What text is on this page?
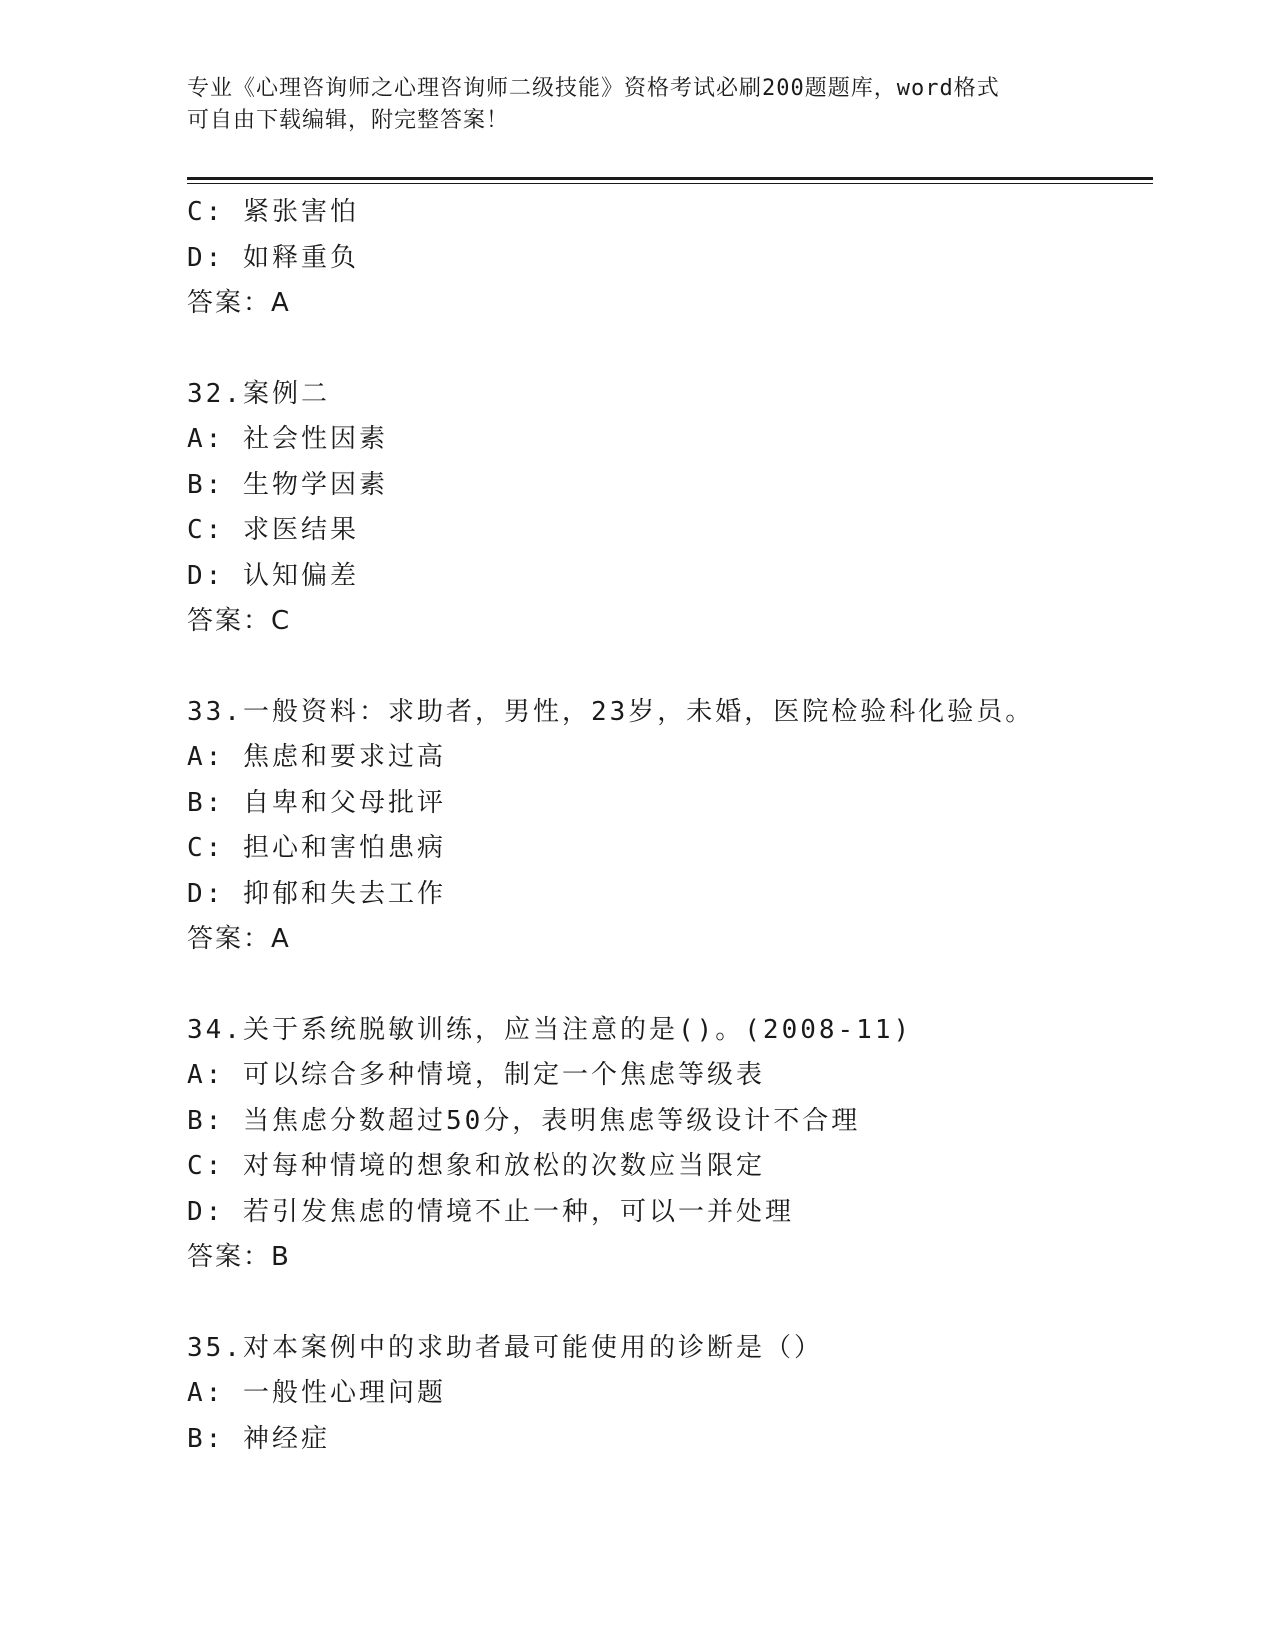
专业《心理咨询师之心理咨询师二级技能》资格考试必刷200题题库，word格式
可自由下载编辑，附完整答案！
C: 紧张害怕
D: 如释重负
答案：A
32.案例二
A: 社会性因素
B: 生物学因素
C: 求医结果
D: 认知偏差
答案：C
33.一般资料：求助者，男性，23岁，未婚，医院检验科化验员。
A: 焦虑和要求过高
B: 自卑和父母批评
C: 担心和害怕患病
D: 抑郁和失去工作
答案：A
34.关于系统脱敏训练，应当注意的是()。(2008-11)
A: 可以综合多种情境，制定一个焦虑等级表
B: 当焦虑分数超过50分，表明焦虑等级设计不合理
C: 对每种情境的想象和放松的次数应当限定
D: 若引发焦虑的情境不止一种，可以一并处理
答案：B
35.对本案例中的求助者最可能使用的诊断是（）
A: 一般性心理问题
B: 神经症
